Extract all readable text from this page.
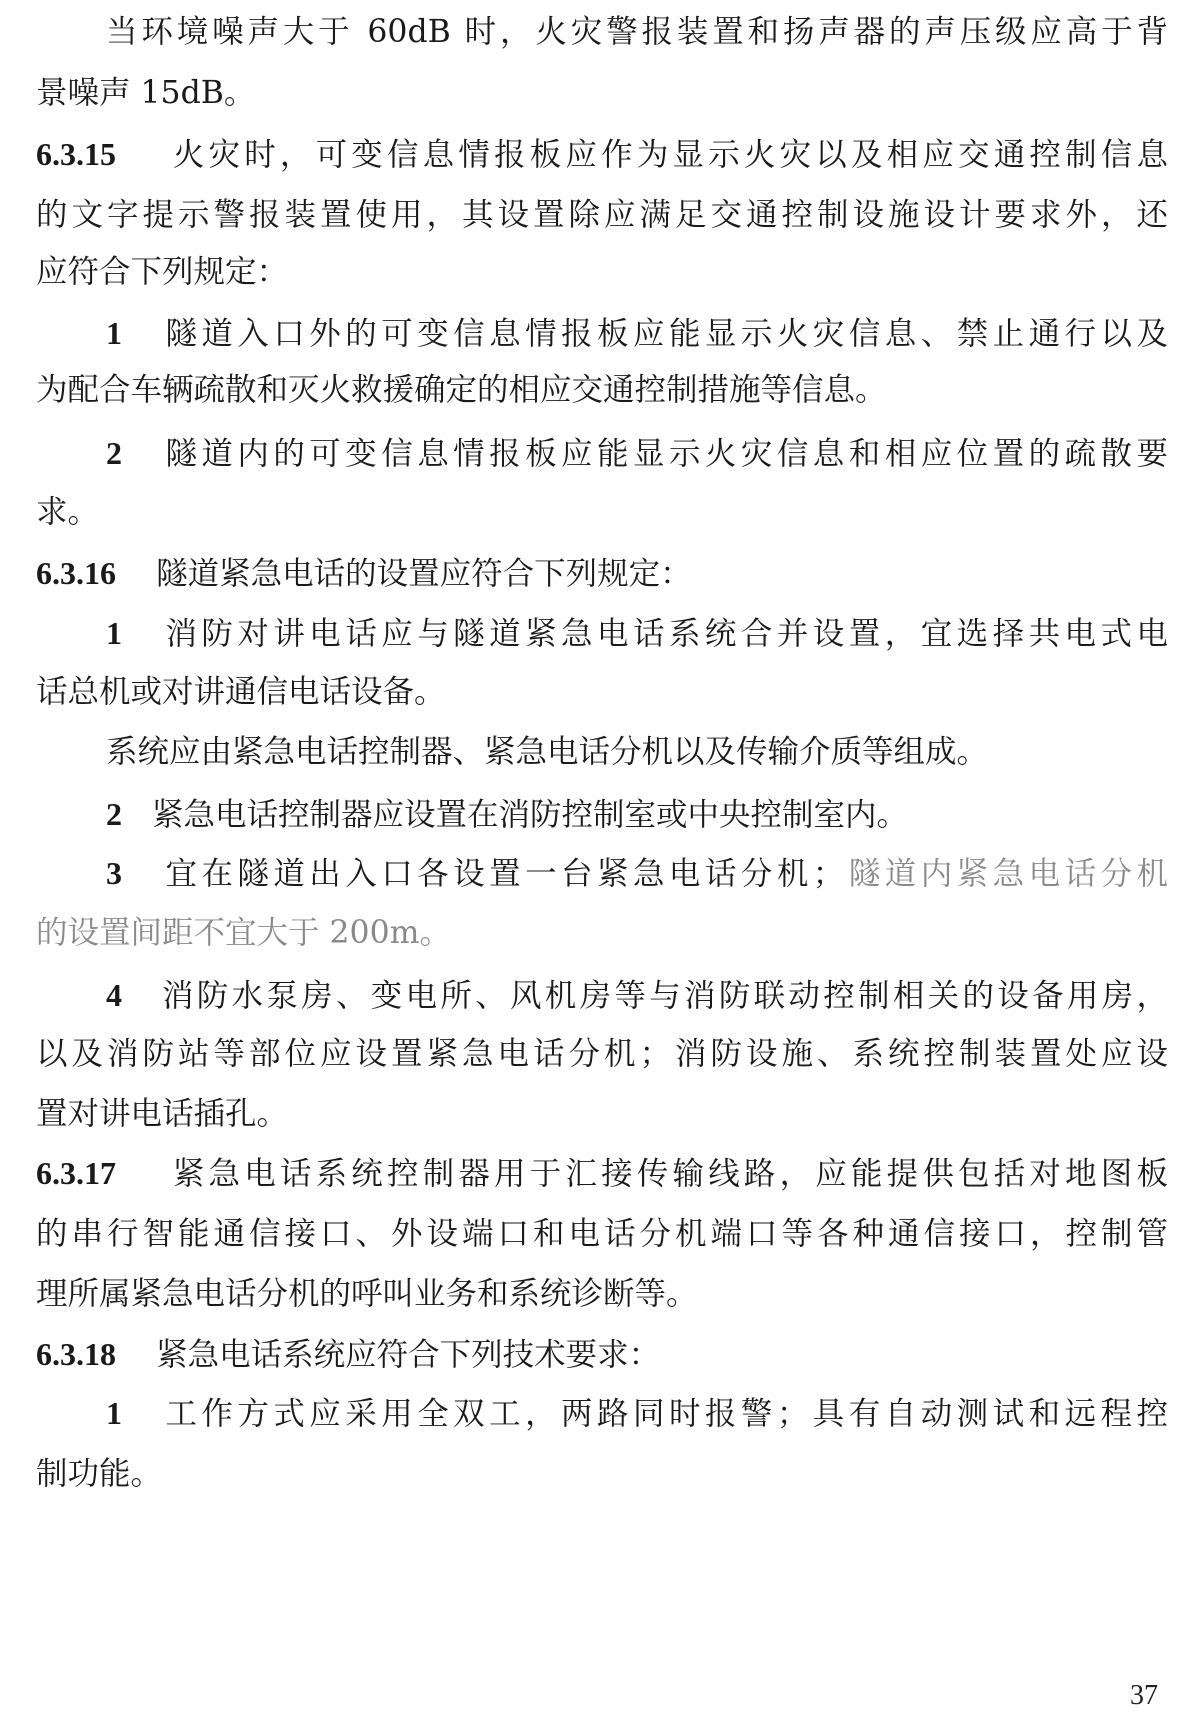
当环境噪声大于 60dB 时，火灾警报装置和扬声器的声压级应高于背
景噪声 15dB。
6.3.15 火灾时，可变信息情报板应作为显示火灾以及相应交通控制信息
的文字提示警报装置使用，其设置除应满足交通控制设施设计要求外，还
应符合下列规定：
1 隧道入口外的可变信息情报板应能显示火灾信息、禁止通行以及
为配合车辆疏散和灭火救援确定的相应交通控制措施等信息。
2 隧道内的可变信息情报板应能显示火灾信息和相应位置的疏散要
求。
6.3.16 隧道紧急电话的设置应符合下列规定：
1 消防对讲电话应与隧道紧急电话系统合并设置，宜选择共电式电
话总机或对讲通信电话设备。
系统应由紧急电话控制器、紧急电话分机以及传输介质等组成。
2 紧急电话控制器应设置在消防控制室或中央控制室内。
3 宜在隧道出入口各设置一台紧急电话分机；隧道内紧急电话分机
的设置间距不宜大于 200m。
4 消防水泵房、变电所、风机房等与消防联动控制相关的设备用房，
以及消防站等部位应设置紧急电话分机；消防设施、系统控制装置处应设
置对讲电话插孔。
6.3.17 紧急电话系统控制器用于汇接传输线路，应能提供包括对地图板
的串行智能通信接口、外设端口和电话分机端口等各种通信接口，控制管
理所属紧急电话分机的呼叫业务和系统诊断等。
6.3.18 紧急电话系统应符合下列技术要求：
1 工作方式应采用全双工，两路同时报警；具有自动测试和远程控
制功能。
37
